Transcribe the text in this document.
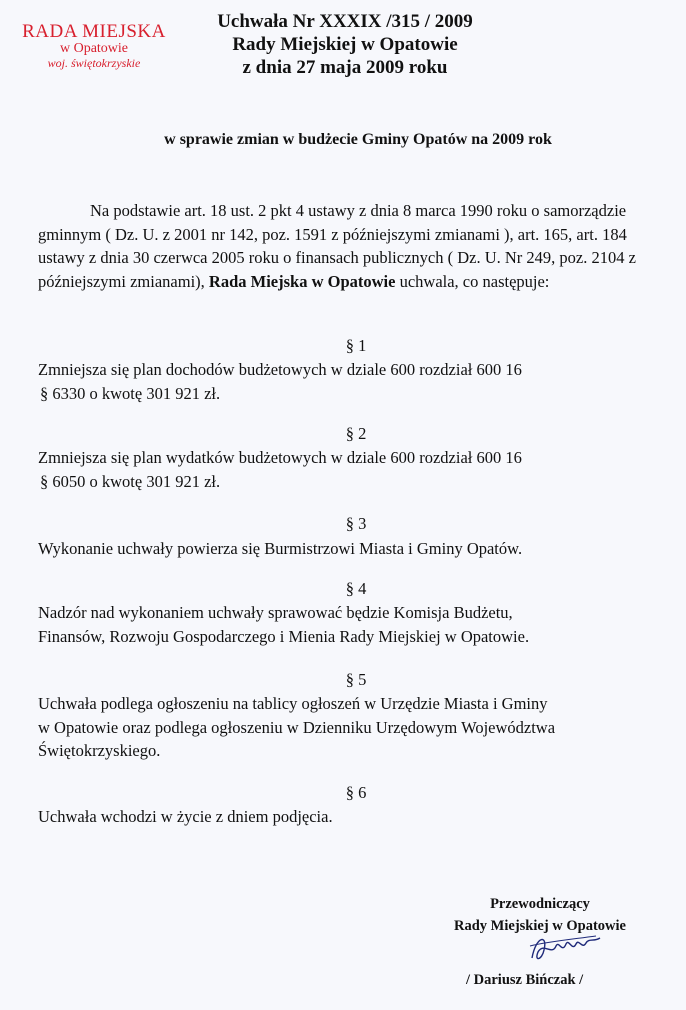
RADA MIEJSKA
w Opatowie
woj. świętokrzyskie
Uchwała Nr XXXIX /315 / 2009
Rady Miejskiej w Opatowie
z dnia 27 maja 2009 roku
w sprawie zmian w budżecie Gminy Opatów na 2009 rok
Na podstawie art. 18 ust. 2 pkt 4 ustawy z dnia 8 marca 1990 roku o samorządzie gminnym ( Dz. U. z 2001 nr 142, poz. 1591 z późniejszymi zmianami ), art. 165, art. 184 ustawy z dnia 30 czerwca 2005 roku o finansach publicznych ( Dz. U. Nr 249, poz. 2104 z późniejszymi zmianami), Rada Miejska w Opatowie uchwala, co następuje:
§ 1
Zmniejsza się plan dochodów budżetowych w dziale 600 rozdział 600 16
§ 6330 o kwotę 301 921 zł.
§ 2
Zmniejsza się plan wydatków budżetowych w dziale 600 rozdział 600 16
§ 6050 o kwotę 301 921 zł.
§ 3
Wykonanie uchwały powierza się Burmistrzowi Miasta i Gminy Opatów.
§ 4
Nadzór nad wykonaniem uchwały sprawować będzie Komisja Budżetu,
Finansów, Rozwoju Gospodarczego i Mienia Rady Miejskiej w Opatowie.
§ 5
Uchwała podlega ogłoszeniu na tablicy ogłoszeń w Urzędzie Miasta i Gminy
w Opatowie oraz podlega ogłoszeniu w Dzienniku Urzędowym Województwa
Świętokrzyskiego.
§ 6
Uchwała wchodzi w życie z dniem podjęcia.
Przewodniczący
Rady Miejskiej w Opatowie
/ Dariusz Bińczak /
